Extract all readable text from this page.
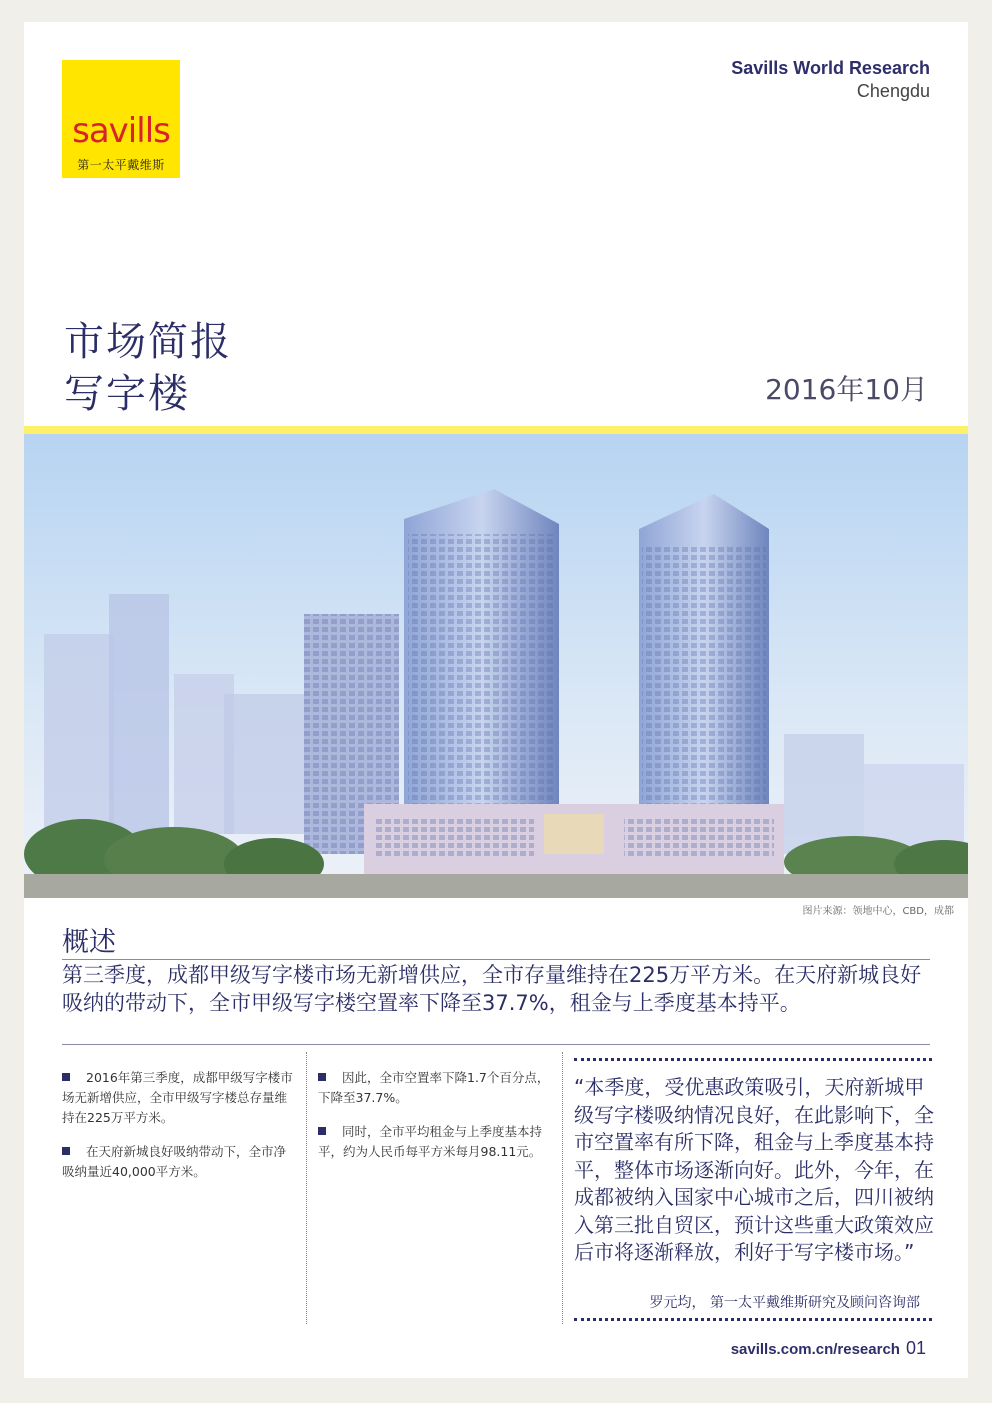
savills
第一太平戴维斯
Savills World Research
Chengdu
市场简报
写字楼	2016年10月
图片来源：领地中心，CBD，成都
概述
第三季度，成都甲级写字楼市场无新增供应，全市存量维持在225万平方米。在天府新城良好吸纳的带动下，全市甲级写字楼空置率下降至37.7%，租金与上季度基本持平。

2016年第三季度，成都甲级写字楼市场无新增供应，全市甲级写字楼总存量维持在225万平方米。

在天府新城良好吸纳带动下，全市净吸纳量近40,000平方米。

因此，全市空置率下降1.7个百分点，下降至37.7%。

同时，全市平均租金与上季度基本持平，约为人民币每平方米每月98.11元。

“本季度，受优惠政策吸引，天府新城甲级写字楼吸纳情况良好，在此影响下，全市空置率有所下降，租金与上季度基本持平，整体市场逐渐向好。此外，今年，在成都被纳入国家中心城市之后，四川被纳入第三批自贸区，预计这些重大政策效应后市将逐渐释放，利好于写字楼市场。”
罗元均， 第一太平戴维斯研究及顾问咨询部
savills.com.cn/research 01
